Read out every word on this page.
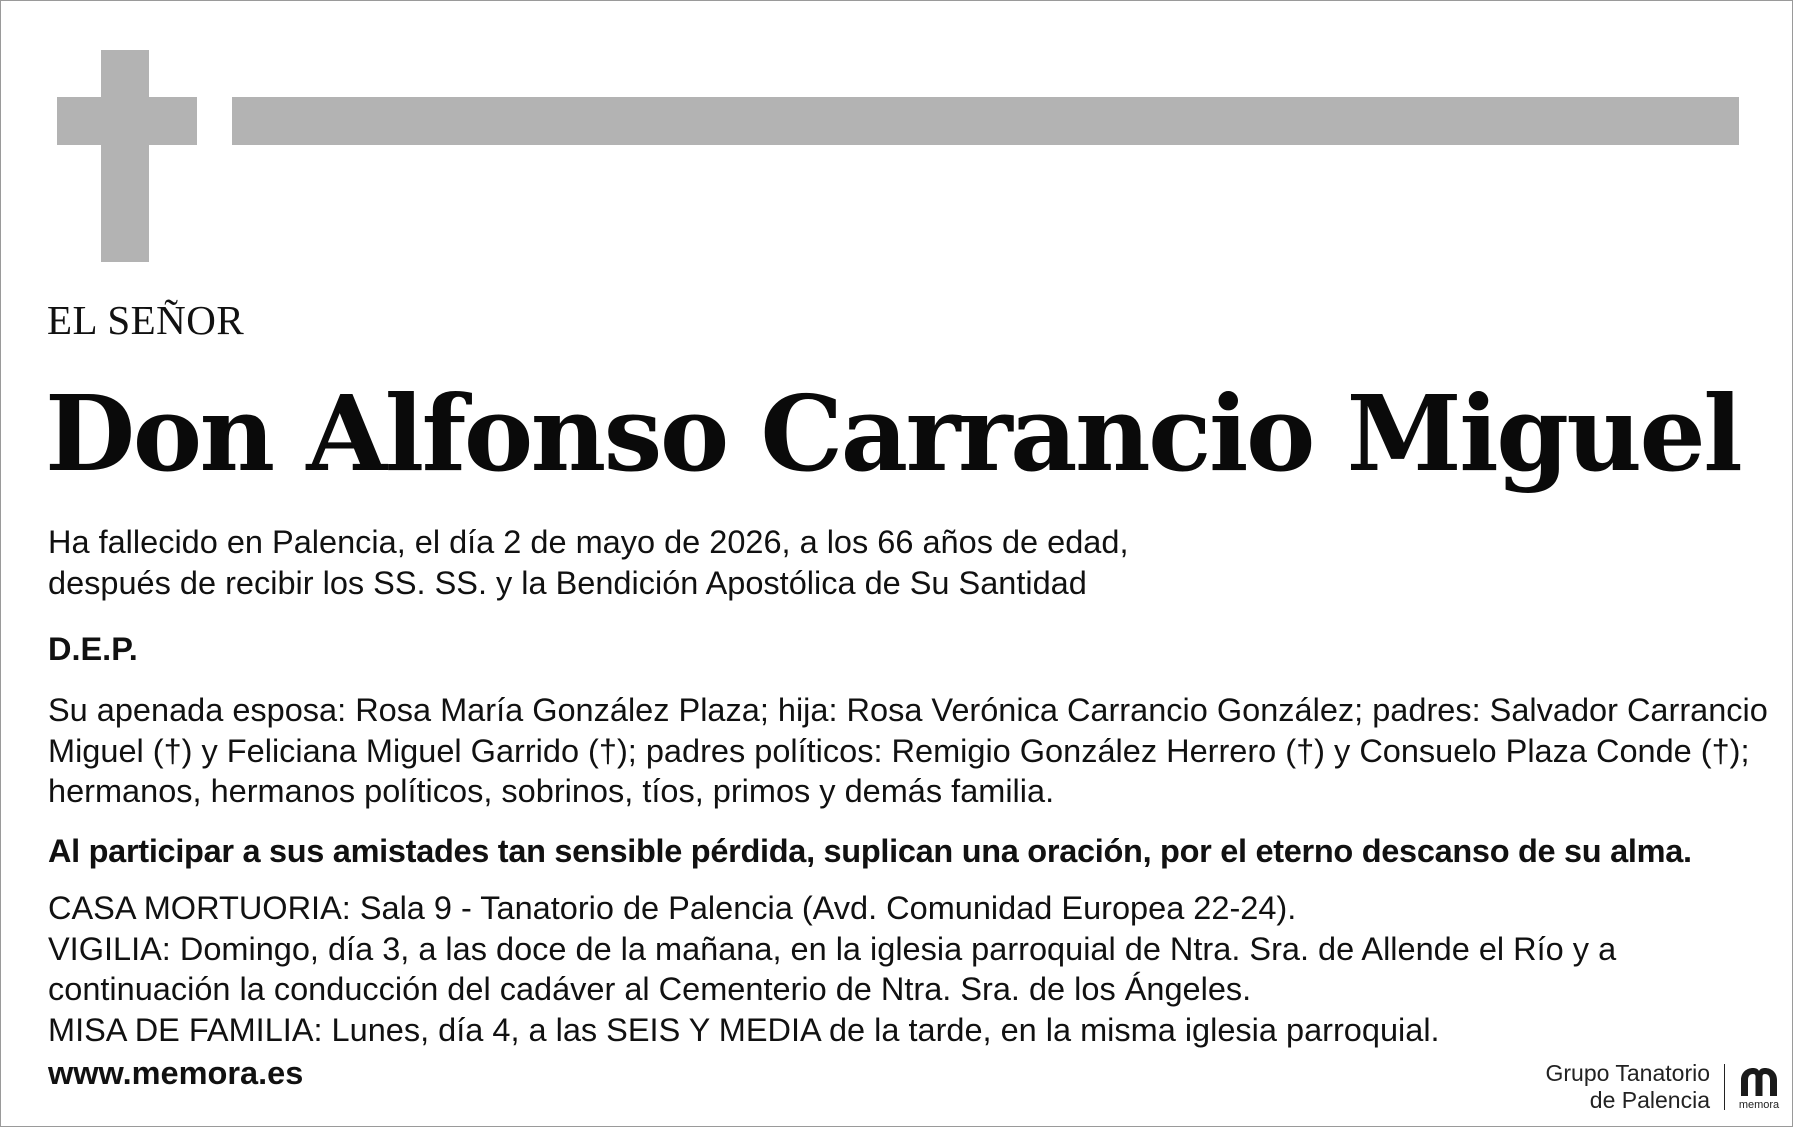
EL SEÑOR
Don Alfonso Carrancio Miguel
Ha fallecido en Palencia, el día 2 de mayo de 2026, a los 66 años de edad,
después de recibir los SS. SS. y la Bendición Apostólica de Su Santidad
D.E.P.
Su apenada esposa: Rosa María González Plaza; hija: Rosa Verónica Carrancio González; padres: Salvador Carrancio
Miguel (†) y Feliciana Miguel Garrido (†); padres políticos: Remigio González Herrero (†) y Consuelo Plaza Conde (†);
hermanos, hermanos políticos, sobrinos, tíos, primos y demás familia.
Al participar a sus amistades tan sensible pérdida, suplican una oración, por el eterno descanso de su alma.
CASA MORTUORIA: Sala 9 - Tanatorio de Palencia (Avd. Comunidad Europea 22-24).
VIGILIA: Domingo, día 3, a las doce de la mañana, en la iglesia parroquial de Ntra. Sra. de Allende el Río y a
continuación la conducción del cadáver al Cementerio de Ntra. Sra. de los Ángeles.
MISA DE FAMILIA: Lunes, día 4, a las SEIS Y MEDIA de la tarde, en la misma iglesia parroquial.
www.memora.es	Grupo Tanatorio
de Palencia	memora
